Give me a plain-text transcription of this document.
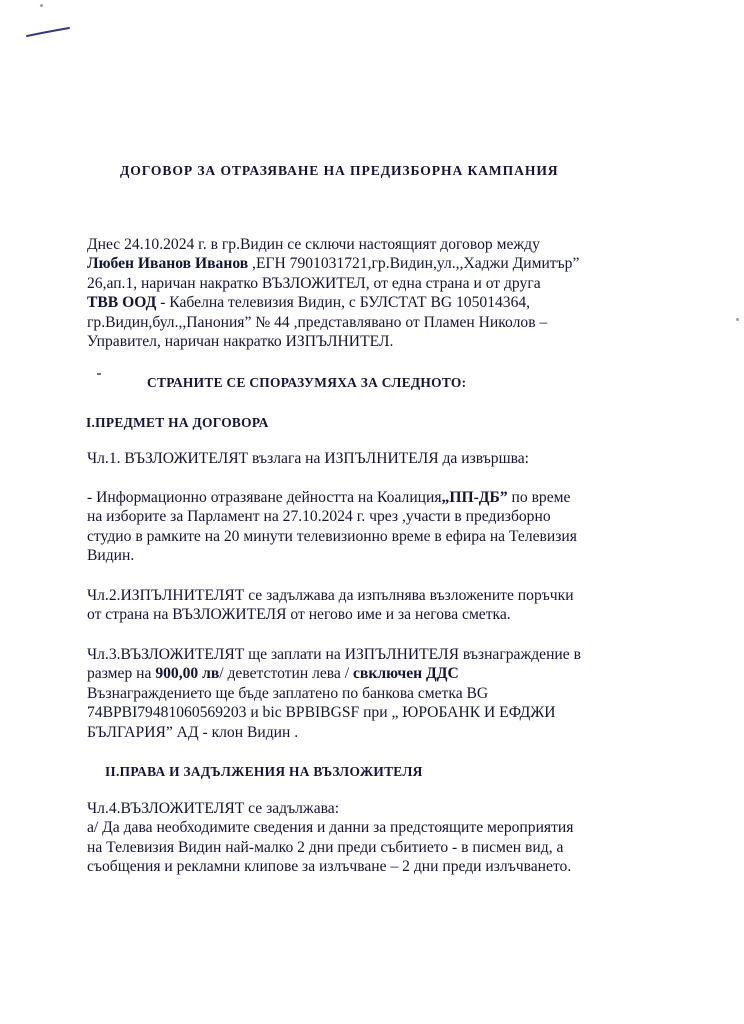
ДОГОВОР ЗА ОТРАЗЯВАНЕ НА ПРЕДИЗБОРНА КАМПАНИЯ
Днес 24.10.2024 г. в гр.Видин се сключи настоящият договор между
Любен Иванов Иванов ,ЕГН 7901031721,гр.Видин,ул.,,Хаджи Димитър”
26,ап.1, наричан накратко ВЪЗЛОЖИТЕЛ, от една страна и от друга
ТВВ ООД - Кабелна телевизия Видин, с БУЛСТАТ BG 105014364,
гр.Видин,бул.,,Панония” № 44 ,представлявано от Пламен Николов –
Управител, наричан накратко ИЗПЪЛНИТЕЛ.
СТРАНИТЕ СЕ СПОРАЗУМЯХА ЗА СЛЕДНОТО:
І.ПРЕДМЕТ НА ДОГОВОРА
Чл.1. ВЪЗЛОЖИТЕЛЯТ възлага на ИЗПЪЛНИТЕЛЯ да извършва:
- Информационно отразяване дейността на Коалиция„ПП-ДБ” по време
на изборите за Парламент на 27.10.2024 г. чрез ,участи в предизборно
студио в рамките на 20 минути телевизионно време в ефира на Телевизия
Видин.
Чл.2.ИЗПЪЛНИТЕЛЯТ се задължава да изпълнява възложените поръчки
от страна на ВЪЗЛОЖИТЕЛЯ от негово име и за негова сметка.
Чл.3.ВЪЗЛОЖИТЕЛЯТ ще заплати на ИЗПЪЛНИТЕЛЯ възнаграждение в
размер на 900,00 лв/ деветстотин лева / свключен ДДС
Възнаграждението ще бъде заплатено по банкова сметка BG
74BPBI79481060569203 и bic BPBIBGSF при „ ЮРОБАНК И ЕФДЖИ
БЪЛГАРИЯ” АД - клон Видин .
ІІ.ПРАВА И ЗАДЪЛЖЕНИЯ НА ВЪЗЛОЖИТЕЛЯ
Чл.4.ВЪЗЛОЖИТЕЛЯТ се задължава:
а/ Да дава необходимите сведения и данни за предстоящите мероприятия
на Телевизия Видин най-малко 2 дни преди събитието - в писмен вид, а
съобщения и рекламни клипове за излъчване – 2 дни преди излъчването.
